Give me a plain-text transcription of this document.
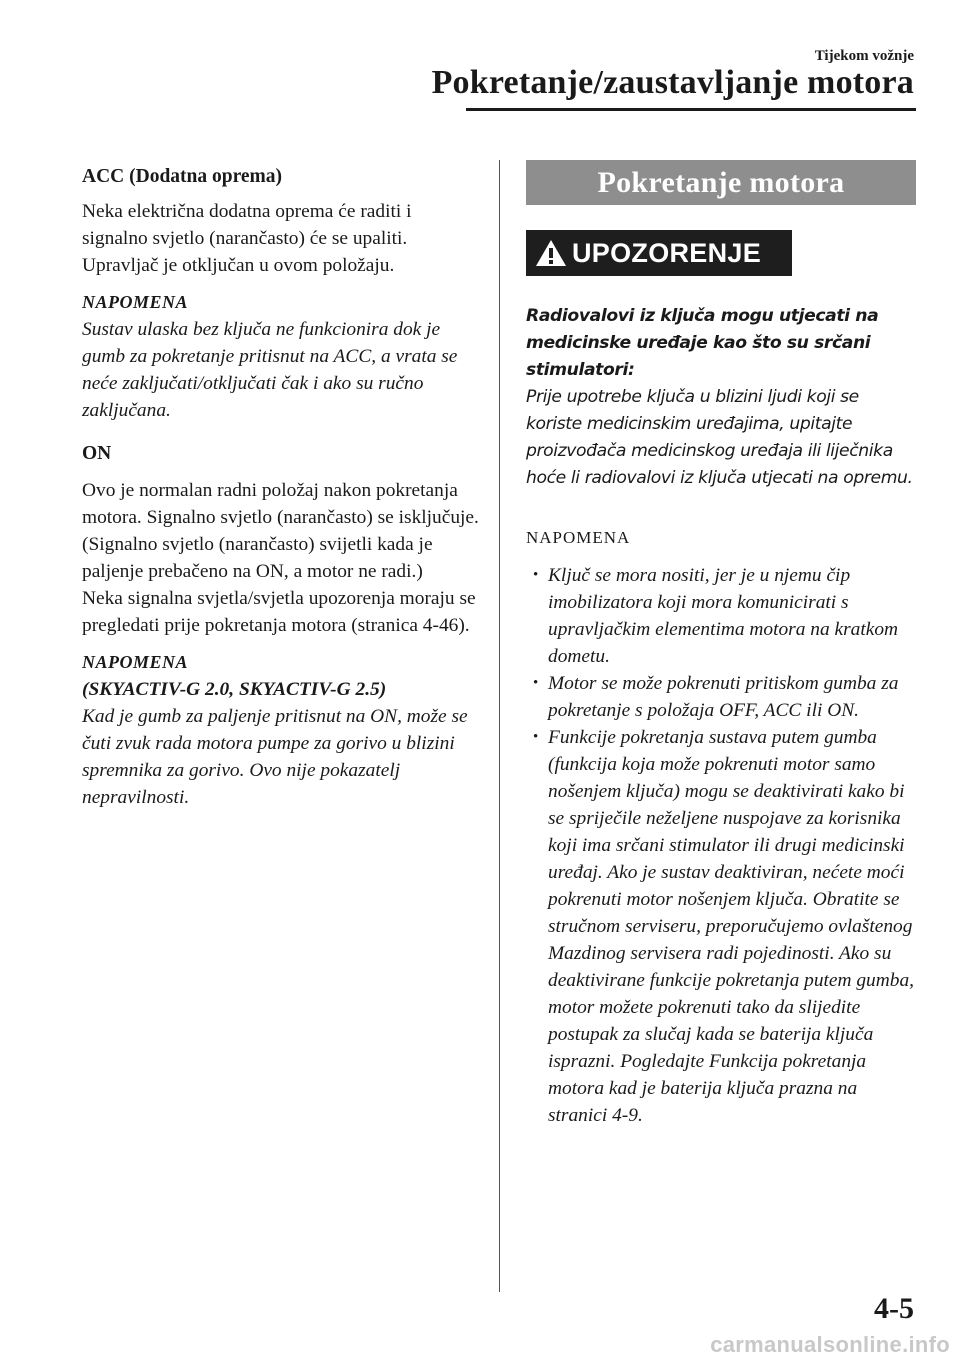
Tijekom vožnje
Pokretanje/zaustavljanje motora

ACC (Dodatna oprema)

Neka električna dodatna oprema će raditi i signalno svjetlo (narančasto) će se upaliti. Upravljač je otključan u ovom položaju.

NAPOMENA

Sustav ulaska bez ključa ne funkcionira dok je gumb za pokretanje pritisnut na ACC, a vrata se neće zaključati/otključati čak i ako su ručno zaključana.

ON

Ovo je normalan radni položaj nakon pokretanja motora. Signalno svjetlo (narančasto) se isključuje. (Signalno svjetlo (narančasto) svijetli kada je paljenje prebačeno na ON, a motor ne radi.)

Neka signalna svjetla/svjetla upozorenja moraju se pregledati prije pokretanja motora (stranica 4-46).

NAPOMENA

(SKYACTIV-G 2.0, SKYACTIV-G 2.5)

Kad je gumb za paljenje pritisnut na ON, može se čuti zvuk rada motora pumpe za gorivo u blizini spremnika za gorivo. Ovo nije pokazatelj nepravilnosti.

Pokretanje motora
UPOZORENJE

Radiovalovi iz ključa mogu utjecati na medicinske uređaje kao što su srčani stimulatori:

Prije upotrebe ključa u blizini ljudi koji se koriste medicinskim uređajima, upitajte proizvođača medicinskog uređaja ili liječnika hoće li radiovalovi iz ključa utjecati na opremu.

NAPOMENA
• Ključ se mora nositi, jer je u njemu čip imobilizatora koji mora komunicirati s upravljačkim elementima motora na kratkom dometu.
• Motor se može pokrenuti pritiskom gumba za pokretanje s položaja OFF, ACC ili ON.
• Funkcije pokretanja sustava putem gumba (funkcija koja može pokrenuti motor samo nošenjem ključa) mogu se deaktivirati kako bi se spriječile neželjene nuspojave za korisnika koji ima srčani stimulator ili drugi medicinski uređaj. Ako je sustav deaktiviran, nećete moći pokrenuti motor nošenjem ključa. Obratite se stručnom serviseru, preporučujemo ovlaštenog Mazdinog servisera radi pojedinosti. Ako su deaktivirane funkcije pokretanja putem gumba, motor možete pokrenuti tako da slijedite postupak za slučaj kada se baterija ključa isprazni. Pogledajte Funkcija pokretanja motora kad je baterija ključa prazna na stranici 4-9.
4-5
carmanualsonline.info
